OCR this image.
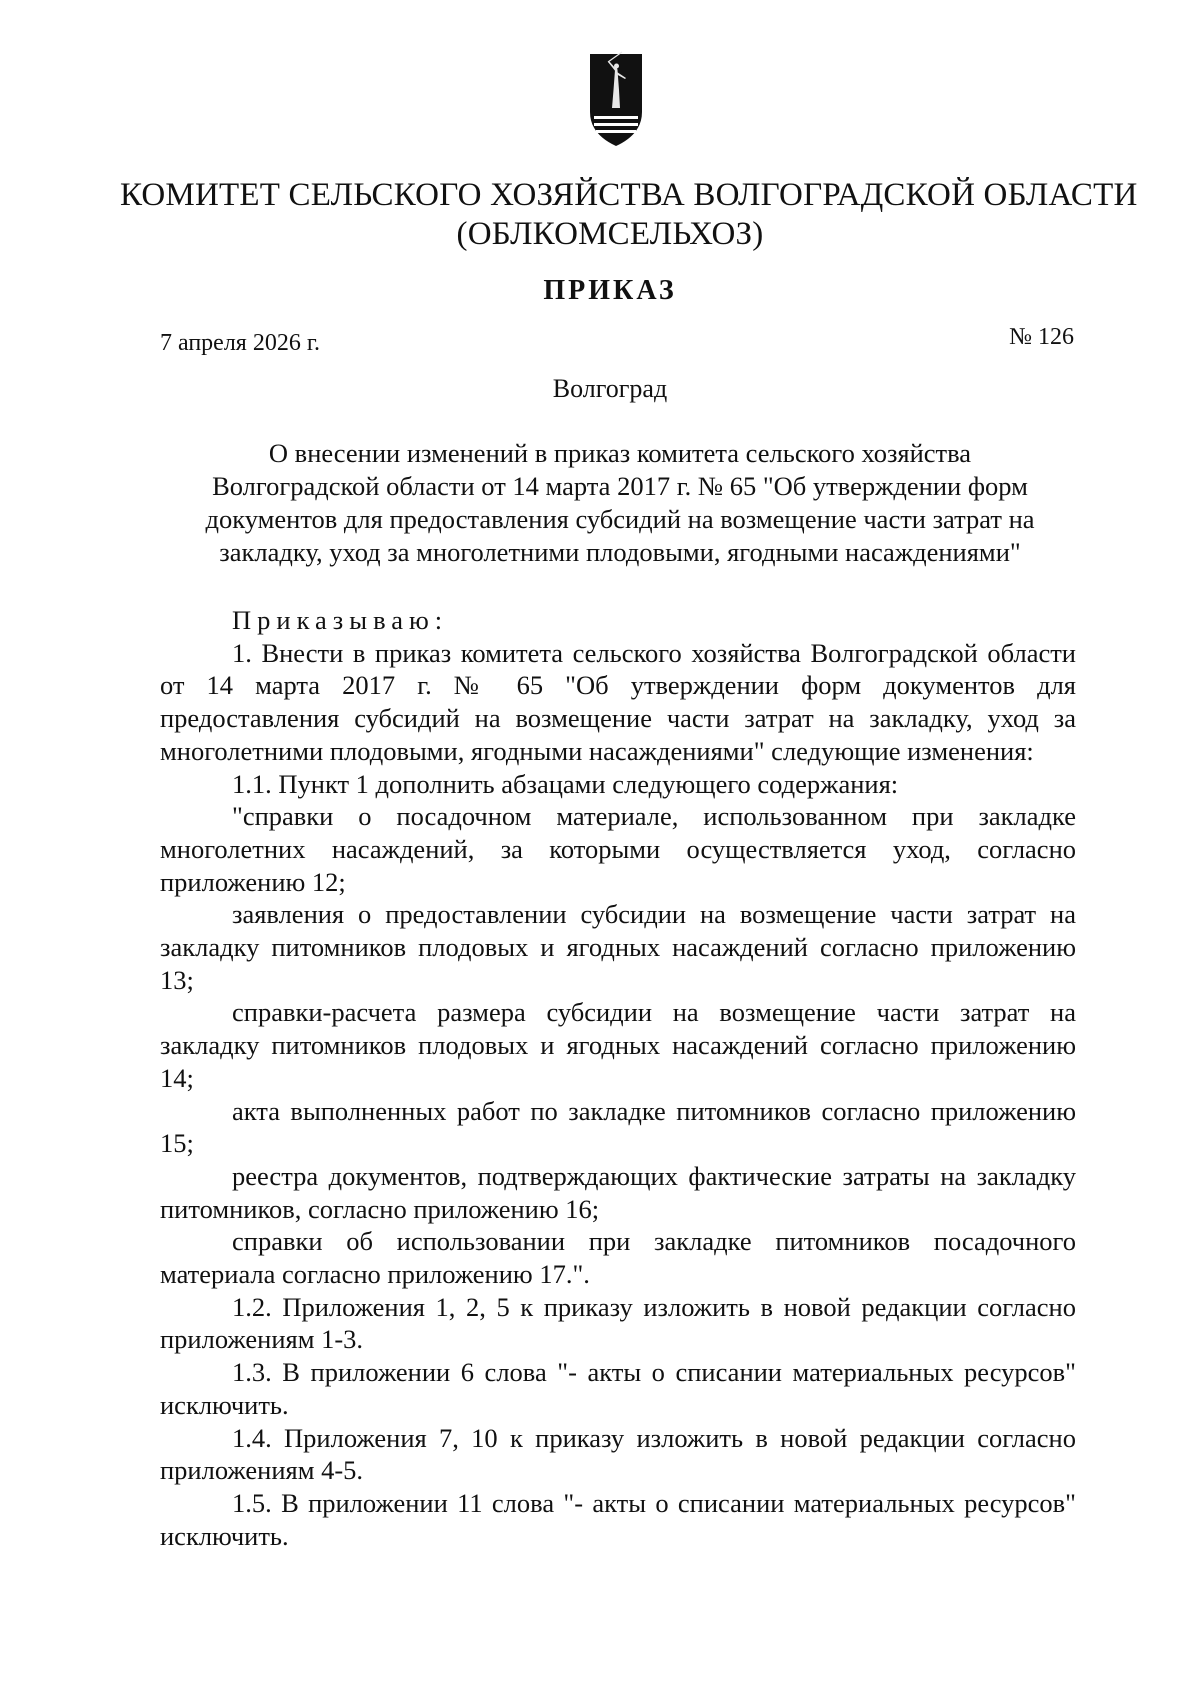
КОМИТЕТ СЕЛЬСКОГО ХОЗЯЙСТВА ВОЛГОГРАДСКОЙ ОБЛАСТИ
(ОБЛКОМСЕЛЬХОЗ)
ПРИКАЗ
7 апреля 2026 г.	№ 126
Волгоград
О внесении изменений в приказ комитета сельского хозяйства
Волгоградской области от 14 марта 2017 г. № 65 "Об утверждении форм
документов для предоставления субсидий на возмещение части затрат на
закладку, уход за многолетними плодовыми, ягодными насаждениями"

Приказываю:

1. Внести в приказ комитета сельского хозяйства Волгоградской области от 14 марта 2017 г. № 65 "Об утверждении форм документов для предоставления субсидий на возмещение части затрат на закладку, уход за многолетними плодовыми, ягодными насаждениями" следующие изменения:

1.1. Пункт 1 дополнить абзацами следующего содержания:

"справки о посадочном материале, использованном при закладке многолетних насаждений, за которыми осуществляется уход, согласно приложению 12;

заявления о предоставлении субсидии на возмещение части затрат на закладку питомников плодовых и ягодных насаждений согласно приложению 13;

справки-расчета размера субсидии на возмещение части затрат на закладку питомников плодовых и ягодных насаждений согласно приложению 14;

акта выполненных работ по закладке питомников согласно приложению 15;

реестра документов, подтверждающих фактические затраты на закладку питомников, согласно приложению 16;

справки об использовании при закладке питомников посадочного материала согласно приложению 17.".

1.2. Приложения 1, 2, 5 к приказу изложить в новой редакции согласно приложениям 1-3.

1.3. В приложении 6 слова "- акты о списании материальных ресурсов" исключить.

1.4. Приложения 7, 10 к приказу изложить в новой редакции согласно приложениям 4-5.

1.5. В приложении 11 слова "- акты о списании материальных ресурсов" исключить.
